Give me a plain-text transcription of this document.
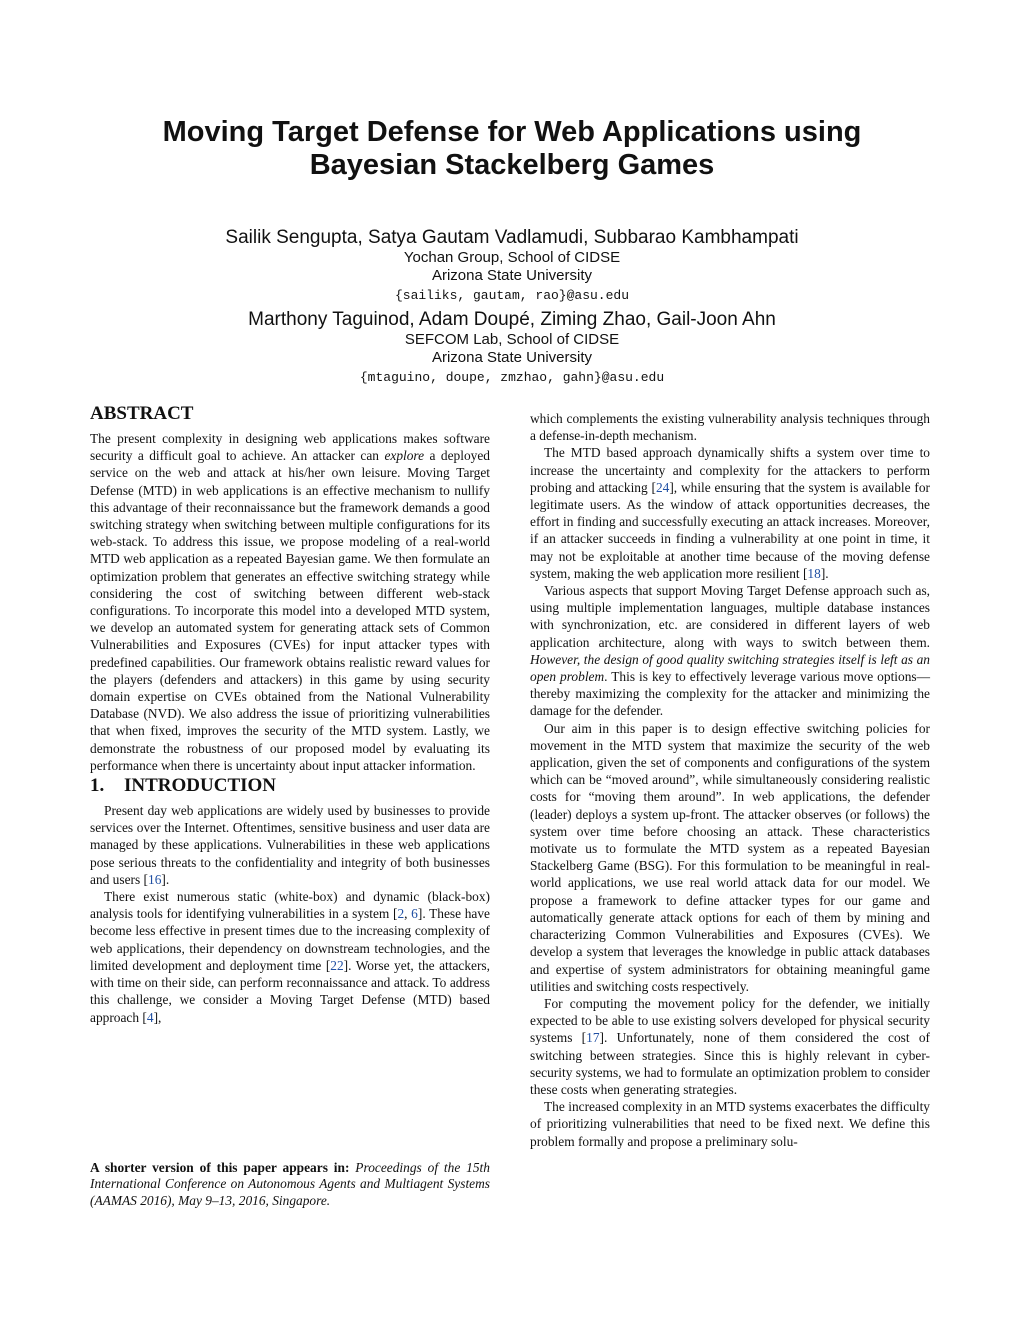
Moving Target Defense for Web Applications using
Bayesian Stackelberg Games
Sailik Sengupta, Satya Gautam Vadlamudi, Subbarao Kambhampati
Yochan Group, School of CIDSE
Arizona State University
{sailiks, gautam, rao}@asu.edu
Marthony Taguinod, Adam Doupé, Ziming Zhao, Gail-Joon Ahn
SEFCOM Lab, School of CIDSE
Arizona State University
{mtaguino, doupe, zmzhao, gahn}@asu.edu
ABSTRACT

The present complexity in designing web applications makes software security a difficult goal to achieve. An attacker can explore a deployed service on the web and attack at his/her own leisure. Moving Target Defense (MTD) in web applications is an effective mechanism to nullify this advantage of their reconnaissance but the framework demands a good switching strategy when switching between multiple configurations for its web-stack. To address this issue, we propose modeling of a real-world MTD web application as a repeated Bayesian game. We then formulate an optimization problem that generates an effective switching strategy while considering the cost of switching between different web-stack configurations. To incorporate this model into a developed MTD system, we develop an automated system for generating attack sets of Common Vulnerabilities and Exposures (CVEs) for input attacker types with predefined capabilities. Our framework obtains realistic reward values for the players (defenders and attackers) in this game by using security domain expertise on CVEs obtained from the National Vulnerability Database (NVD). We also address the issue of prioritizing vulnerabilities that when fixed, improves the security of the MTD system. Lastly, we demonstrate the robustness of our proposed model by evaluating its performance when there is uncertainty about input attacker information.

1. INTRODUCTION

Present day web applications are widely used by businesses to provide services over the Internet. Oftentimes, sensitive business and user data are managed by these applications. Vulnerabilities in these web applications pose serious threats to the confidentiality and integrity of both businesses and users [16].

There exist numerous static (white-box) and dynamic (black-box) analysis tools for identifying vulnerabilities in a system [2, 6]. These have become less effective in present times due to the increasing complexity of web applications, their dependency on downstream technologies, and the limited development and deployment time [22]. Worse yet, the attackers, with time on their side, can perform reconnaissance and attack. To address this challenge, we consider a Moving Target Defense (MTD) based approach [4],

A shorter version of this paper appears in: Proceedings of the 15th International Conference on Autonomous Agents and Multiagent Systems (AAMAS 2016), May 9–13, 2016, Singapore.

which complements the existing vulnerability analysis techniques through a defense-in-depth mechanism.

The MTD based approach dynamically shifts a system over time to increase the uncertainty and complexity for the attackers to perform probing and attacking [24], while ensuring that the system is available for legitimate users. As the window of attack opportunities decreases, the effort in finding and successfully executing an attack increases. Moreover, if an attacker succeeds in finding a vulnerability at one point in time, it may not be exploitable at another time because of the moving defense system, making the web application more resilient [18].

Various aspects that support Moving Target Defense approach such as, using multiple implementation languages, multiple database instances with synchronization, etc. are considered in different layers of web application architecture, along with ways to switch between them. However, the design of good quality switching strategies itself is left as an open problem. This is key to effectively leverage various move options—thereby maximizing the complexity for the attacker and minimizing the damage for the defender.

Our aim in this paper is to design effective switching policies for movement in the MTD system that maximize the security of the web application, given the set of components and configurations of the system which can be “moved around”, while simultaneously considering realistic costs for “moving them around”. In web applications, the defender (leader) deploys a system up-front. The attacker observes (or follows) the system over time before choosing an attack. These characteristics motivate us to formulate the MTD system as a repeated Bayesian Stackelberg Game (BSG). For this formulation to be meaningful in real-world applications, we use real world attack data for our model. We propose a framework to define attacker types for our game and automatically generate attack options for each of them by mining and characterizing Common Vulnerabilities and Exposures (CVEs). We develop a system that leverages the knowledge in public attack databases and expertise of system administrators for obtaining meaningful game utilities and switching costs respectively.

For computing the movement policy for the defender, we initially expected to be able to use existing solvers developed for physical security systems [17]. Unfortunately, none of them considered the cost of switching between strategies. Since this is highly relevant in cyber-security systems, we had to formulate an optimization problem to consider these costs when generating strategies.

The increased complexity in an MTD systems exacerbates the difficulty of prioritizing vulnerabilities that need to be fixed next. We define this problem formally and propose a preliminary solu-
